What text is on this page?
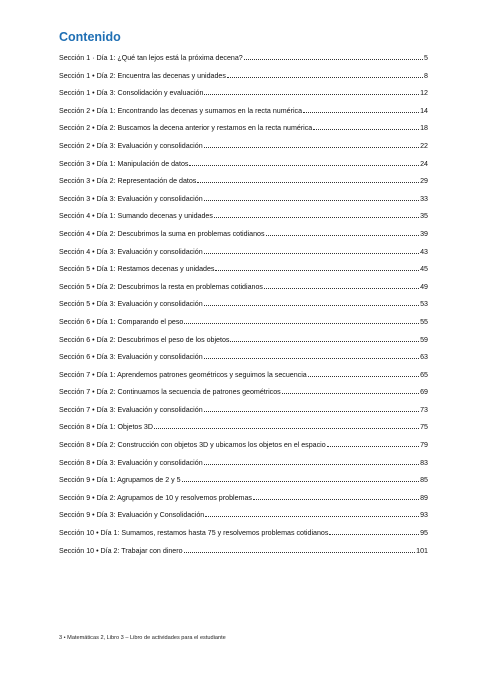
Contenido
Sección 1 · Día 1: ¿Qué tan lejos está la próxima decena?	5
Sección 1 • Día 2: Encuentra las decenas y unidades	8
Sección 1 • Día 3: Consolidación y evaluación	12
Sección 2 • Día 1: Encontrando las decenas y sumamos en la recta numérica	14
Sección 2 • Día 2: Buscamos la decena anterior y restamos en la recta numérica	18
Sección 2 • Día 3: Evaluación y consolidación	22
Sección 3 • Día 1: Manipulación de datos	24
Sección 3 • Día 2: Representación de datos	29
Sección 3 • Día 3: Evaluación y consolidación	33
Sección 4 • Día 1: Sumando decenas y unidades	35
Sección 4 • Día 2: Descubrimos la suma en problemas cotidianos	39
Sección 4 • Día 3: Evaluación y consolidación	43
Sección 5 • Día 1: Restamos decenas y unidades	45
Sección 5 • Día 2: Descubrimos la resta en problemas cotidianos	49
Sección 5 • Día 3: Evaluación y consolidación	53
Sección 6 • Día 1: Comparando el peso	55
Sección 6 • Día 2: Descubrimos el peso de los objetos	59
Sección 6 • Día 3: Evaluación y consolidación	63
Sección 7 • Día 1: Aprendemos patrones geométricos y seguimos la secuencia	65
Sección 7 • Día 2: Continuamos la secuencia de patrones geométricos	69
Sección 7 • Día 3: Evaluación y consolidación	73
Sección 8 • Día 1: Objetos 3D	75
Sección 8 • Día 2: Construcción con objetos 3D y ubicamos los objetos en el espacio	79
Sección 8 • Día 3: Evaluación y consolidación	83
Sección 9 • Día 1: Agrupamos de 2 y 5	85
Sección 9 • Día 2: Agrupamos de 10 y resolvemos problemas	89
Sección 9 • Día 3: Evaluación y Consolidación	93
Sección 10 • Día 1: Sumamos, restamos hasta 75 y resolvemos problemas cotidianos	95
Sección 10 • Día 2: Trabajar con dinero	101
3 • Matemáticas 2, Libro 3 – Libro de actividades para el estudiante
